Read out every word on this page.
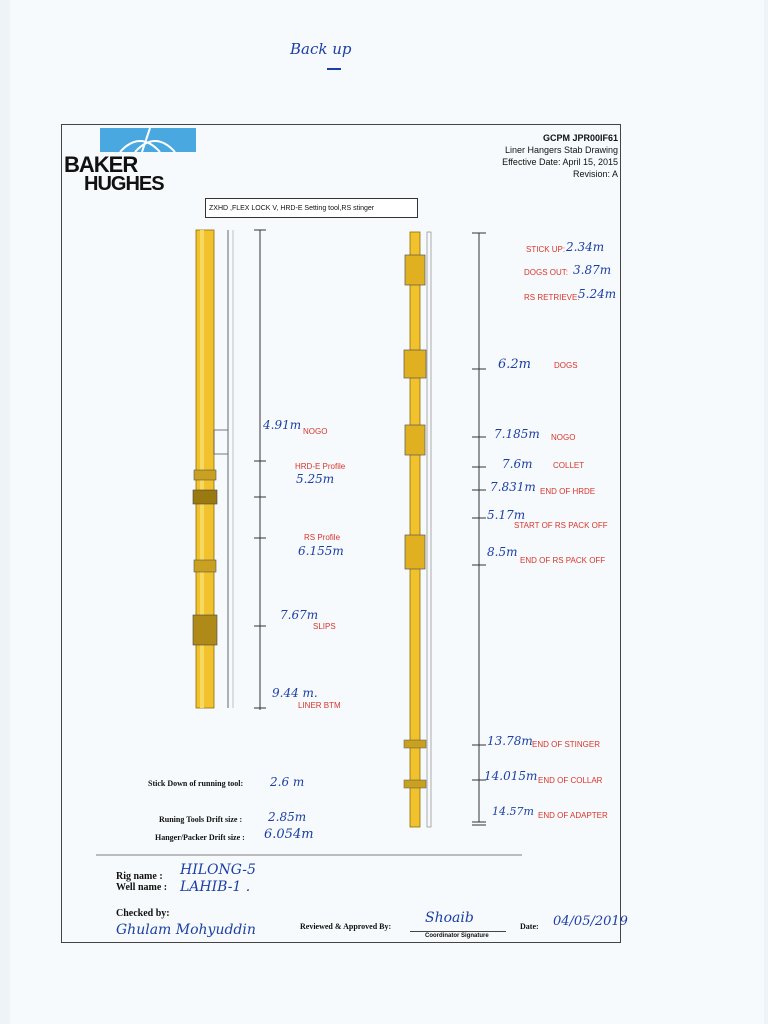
Back up
BAKER
HUGHES
GCPM JPR00IF61
Liner Hangers Stab Drawing
Effective Date: April 15, 2015
Revision: A
ZXHD ,FLEX LOCK V, HRD-E Setting tool,RS stinger
4.91m NOGO
HRD-E Profile
5.25m
RS Profile
6.155m
7.67m
SLIPS
9.44 m.
LINER BTM
STICK UP: 2.34m
DOGS OUT: 3.87m
RS RETRIEVE:
5.24m
6.2m	DOGS
7.185m NOGO
7.6m	COLLET
7.831m END OF HRDE
5.17m
START OF RS PACK OFF
8.5m
END OF RS PACK OFF
13.78m END OF STINGER
14.015m END OF COLLAR
14.57m END OF ADAPTER
Stick Down of running tool: 2.6 m
Runing Tools Drift size : 2.85m
Hanger/Packer Drift size : 6.054m
Rig name : HILONG-5
Well name : LAHIB-1 .
Checked by:
Ghulam Mohyuddin	Reviewed & Approved By:
Shoaib
Coordinator Signature
Date: 04/05/2019
